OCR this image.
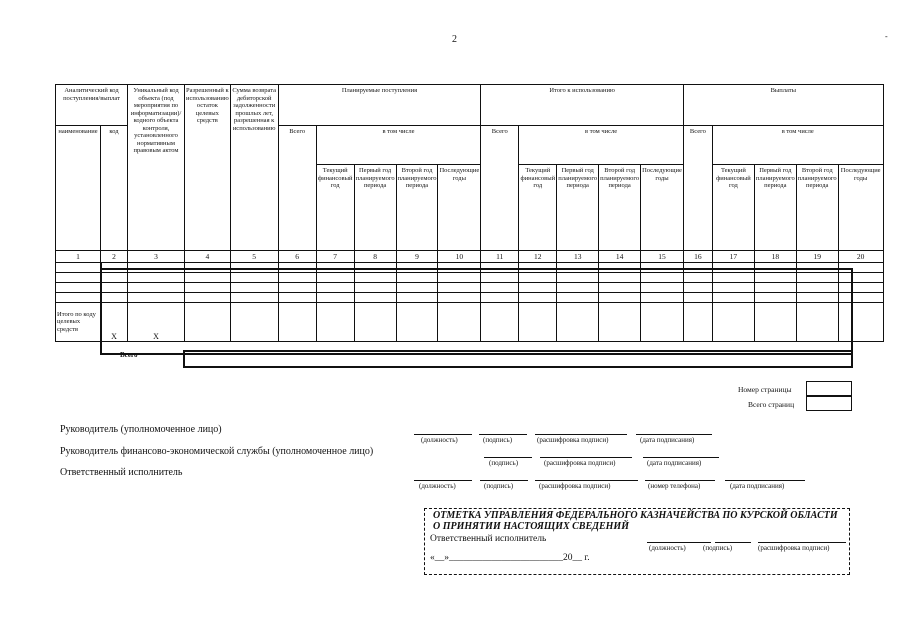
2	-
Аналитический код поступления/выплат		Уникальный код объекта (под мероприятия по информатизации)/кодного объекта контроля, установленного нормативным правовым актом	Разрешенный к использованию остаток целевых средств	Сумма возврата дебиторской задолженности прошлых лет, разрешенная к использованию	Планируемые поступления					Итого к использованию					Выплаты				
наименование	код				Всего	в том числе				Всего	в том числе				Всего	в том числе			
						Текущий финансовый год	Первый год планируемого периода	Второй год планируемого периода	Последующие годы		Текущий финансовый год	Первый год планируемого периода	Второй год планируемого периода	Последующие годы		Текущий финансовый год	Первый год планируемого периода	Второй год планируемого периода	Последующие годы
1	2	3	4	5	6	7	8	9	10	11	12	13	14	15	16	17	18	19	20

Итого по коду целевых средств	X	X																	
Всего
Номер страницы
Всего страниц
Руководитель (уполномоченное лицо)
(должность)	(подпись)	(расшифровка подписи)	(дата подписания)
Руководитель финансово-экономической службы (уполномоченное лицо)
(подпись)	(расшифровка подписи)	(дата подписания)
Ответственный исполнитель
(должность)	(подпись)	(расшифровка подписи)	(номер телефона)	(дата подписания)
ОТМЕТКА УПРАВЛЕНИЯ ФЕДЕРАЛЬНОГО КАЗНАЧЕЙСТВА ПО КУРСКОЙ ОБЛАСТИ О ПРИНЯТИИ НАСТОЯЩИХ СВЕДЕНИЙ
Ответственный исполнитель
(должность) (подпись)	(расшифровка подписи)
«__»________________________20__ г.
